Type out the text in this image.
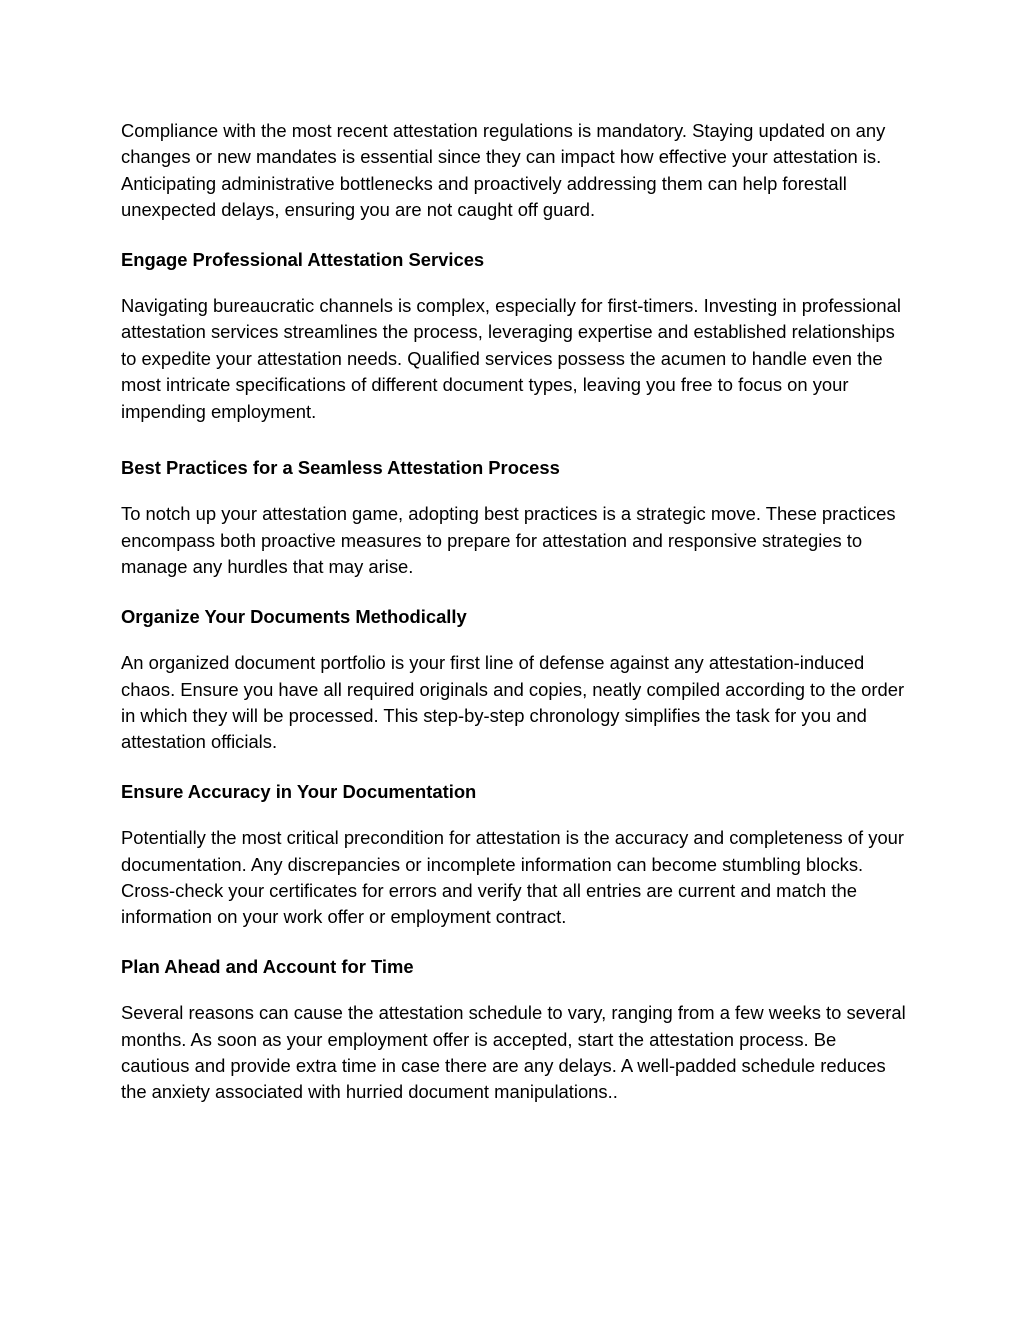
Compliance with the most recent attestation regulations is mandatory. Staying updated on any changes or new mandates is essential since they can impact how effective your attestation is. Anticipating administrative bottlenecks and proactively addressing them can help forestall unexpected delays, ensuring you are not caught off guard.

Engage Professional Attestation Services

Navigating bureaucratic channels is complex, especially for first-timers. Investing in professional attestation services streamlines the process, leveraging expertise and established relationships to expedite your attestation needs. Qualified services possess the acumen to handle even the most intricate specifications of different document types, leaving you free to focus on your impending employment.

Best Practices for a Seamless Attestation Process

To notch up your attestation game, adopting best practices is a strategic move. These practices encompass both proactive measures to prepare for attestation and responsive strategies to manage any hurdles that may arise.

Organize Your Documents Methodically

An organized document portfolio is your first line of defense against any attestation-induced chaos. Ensure you have all required originals and copies, neatly compiled according to the order in which they will be processed. This step-by-step chronology simplifies the task for you and attestation officials.

Ensure Accuracy in Your Documentation

Potentially the most critical precondition for attestation is the accuracy and completeness of your documentation. Any discrepancies or incomplete information can become stumbling blocks. Cross-check your certificates for errors and verify that all entries are current and match the information on your work offer or employment contract.

Plan Ahead and Account for Time

Several reasons can cause the attestation schedule to vary, ranging from a few weeks to several months. As soon as your employment offer is accepted, start the attestation process. Be cautious and provide extra time in case there are any delays. A well-padded schedule reduces the anxiety associated with hurried document manipulations..
